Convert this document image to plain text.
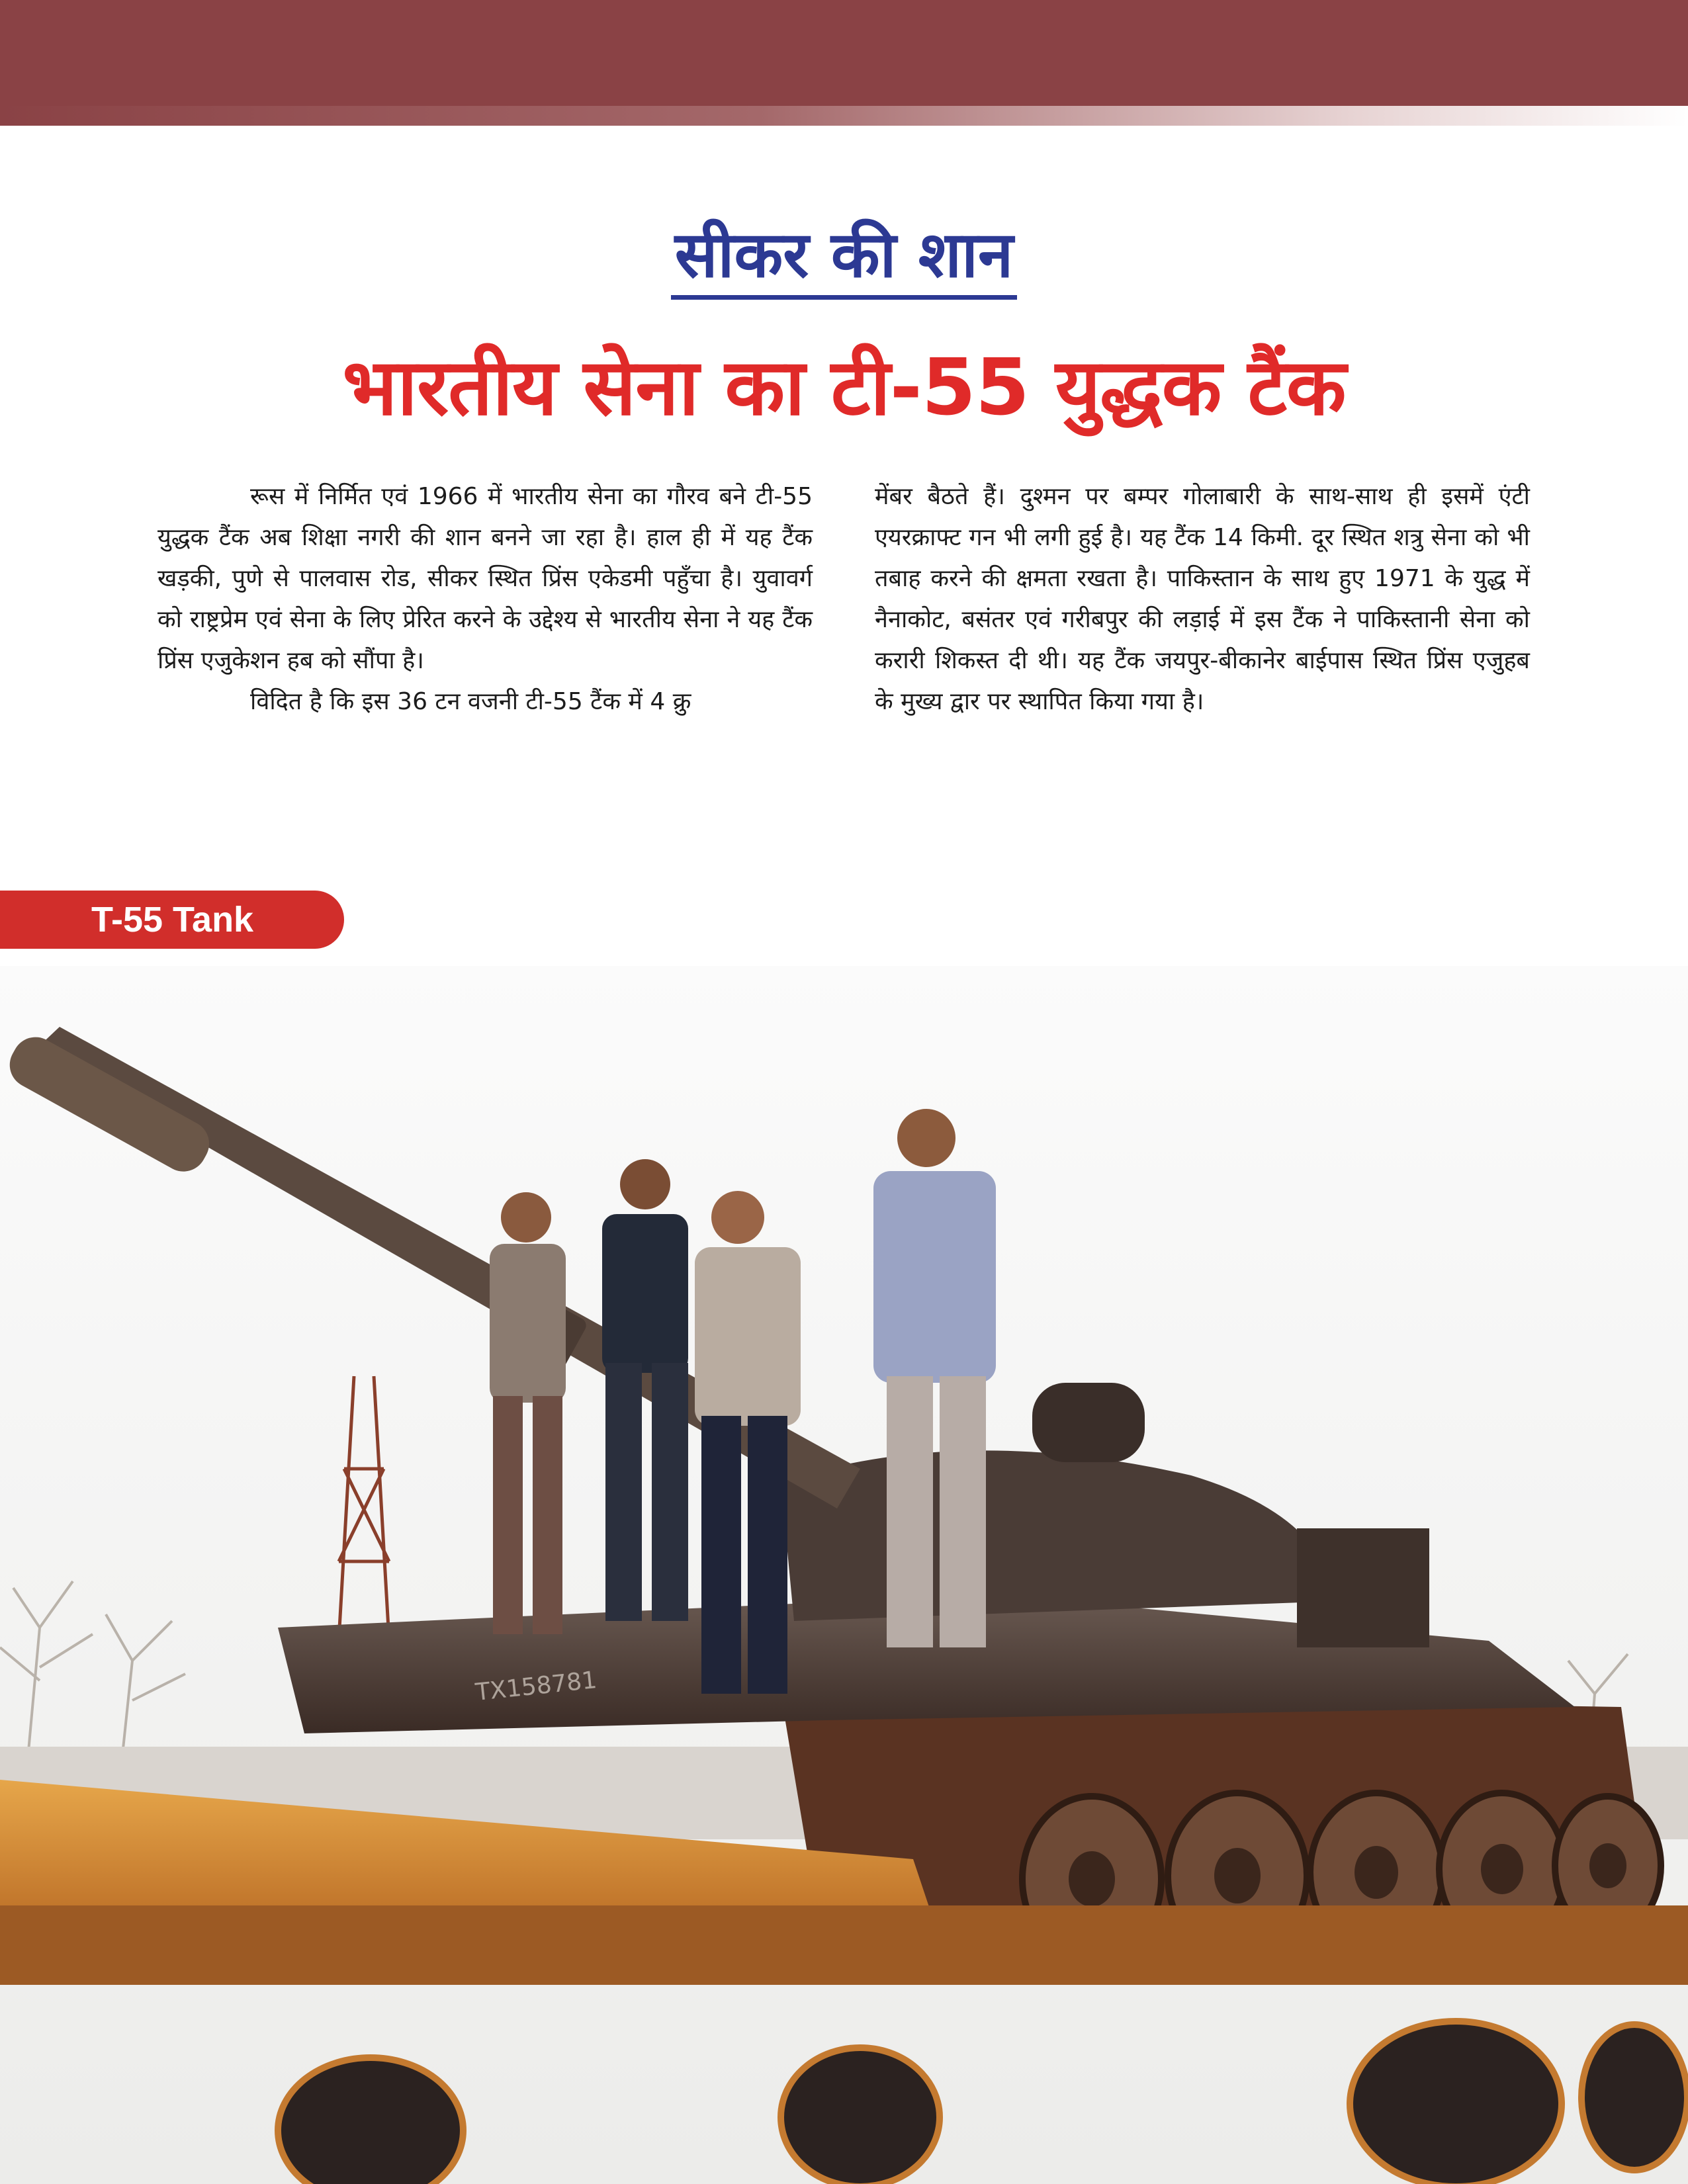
सीकर की शान
भारतीय सेना का टी-55 युद्धक टैंक

रूस में निर्मित एवं 1966 में भारतीय सेना का गौरव बने टी-55 युद्धक टैंक अब शिक्षा नगरी की शान बनने जा रहा है। हाल ही में यह टैंक खड़की, पुणे से पालवास रोड, सीकर स्थित प्रिंस एकेडमी पहुँचा है। युवावर्ग को राष्ट्रप्रेम एवं सेना के लिए प्रेरित करने के उद्देश्य से भारतीय सेना ने यह टैंक प्रिंस एजुकेशन हब को सौंपा है।

विदित है कि इस 36 टन वजनी टी-55 टैंक में 4 क्रु

मेंबर बैठते हैं। दुश्मन पर बम्पर गोलाबारी के साथ-साथ ही इसमें एंटी एयरक्राफ्ट गन भी लगी हुई है। यह टैंक 14 किमी. दूर स्थित शत्रु सेना को भी तबाह करने की क्षमता रखता है। पाकिस्तान के साथ हुए 1971 के युद्ध में नैनाकोट, बसंतर एवं गरीबपुर की लड़ाई में इस टैंक ने पाकिस्तानी सेना को करारी शिकस्त दी थी। यह टैंक जयपुर-बीकानेर बाईपास स्थित प्रिंस एजुहब के मुख्य द्वार पर स्थापित किया गया है।

T-55 Tank
TX158781
